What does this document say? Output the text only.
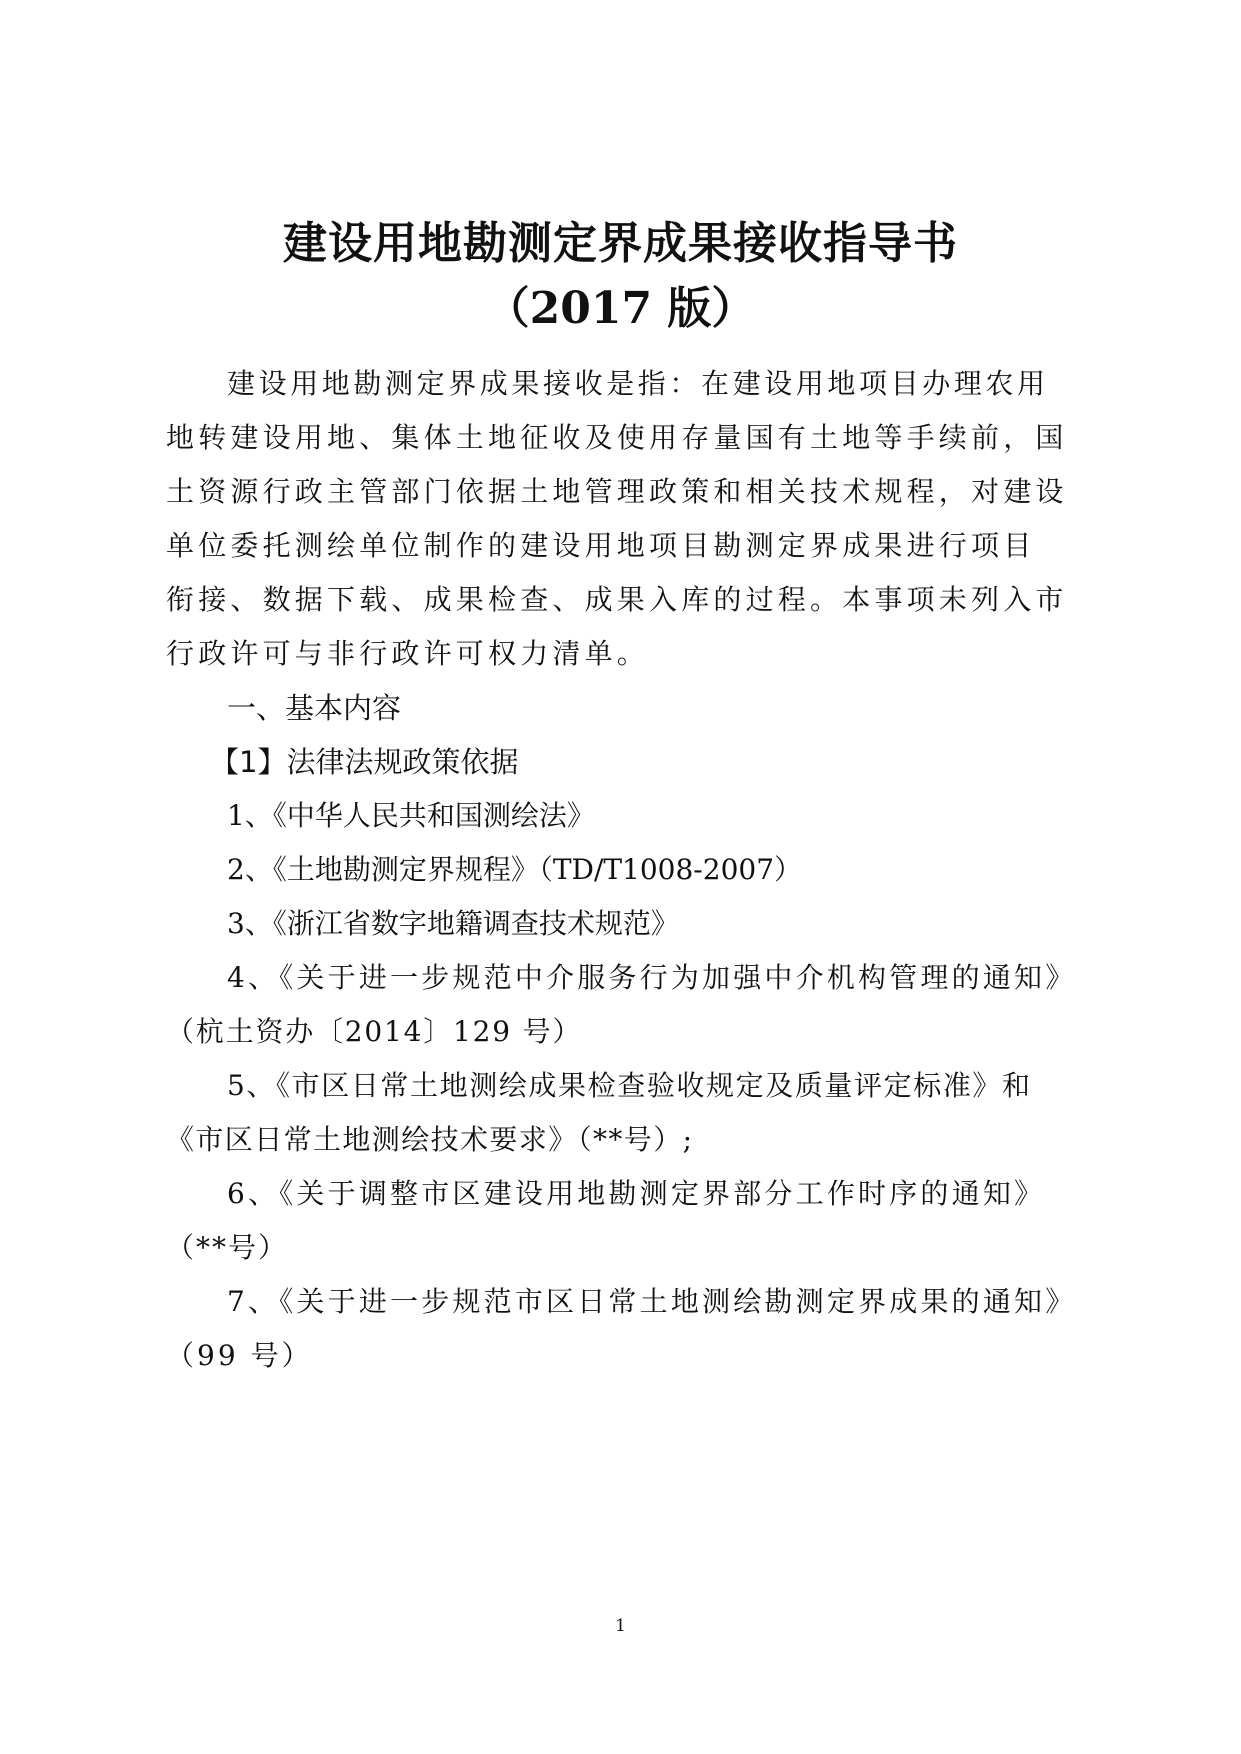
建设用地勘测定界成果接收指导书
（2017 版）
建设用地勘测定界成果接收是指：在建设用地项目办理农用
地转建设用地、集体土地征收及使用存量国有土地等手续前，国
土资源行政主管部门依据土地管理政策和相关技术规程，对建设
单位委托测绘单位制作的建设用地项目勘测定界成果进行项目
衔接、数据下载、成果检查、成果入库的过程。本事项未列入市
行政许可与非行政许可权力清单。
一、基本内容
【1】法律法规政策依据
1、《中华人民共和国测绘法》
2、《土地勘测定界规程》（TD/T1008-2007）
3、《浙江省数字地籍调查技术规范》
4、《关于进一步规范中介服务行为加强中介机构管理的通知》
（杭土资办〔2014〕129 号）
5、《市区日常土地测绘成果检查验收规定及质量评定标准》和
《市区日常土地测绘技术要求》（**号）;
6、《关于调整市区建设用地勘测定界部分工作时序的通知》
（**号）
7、《关于进一步规范市区日常土地测绘勘测定界成果的通知》
（99 号）
1
